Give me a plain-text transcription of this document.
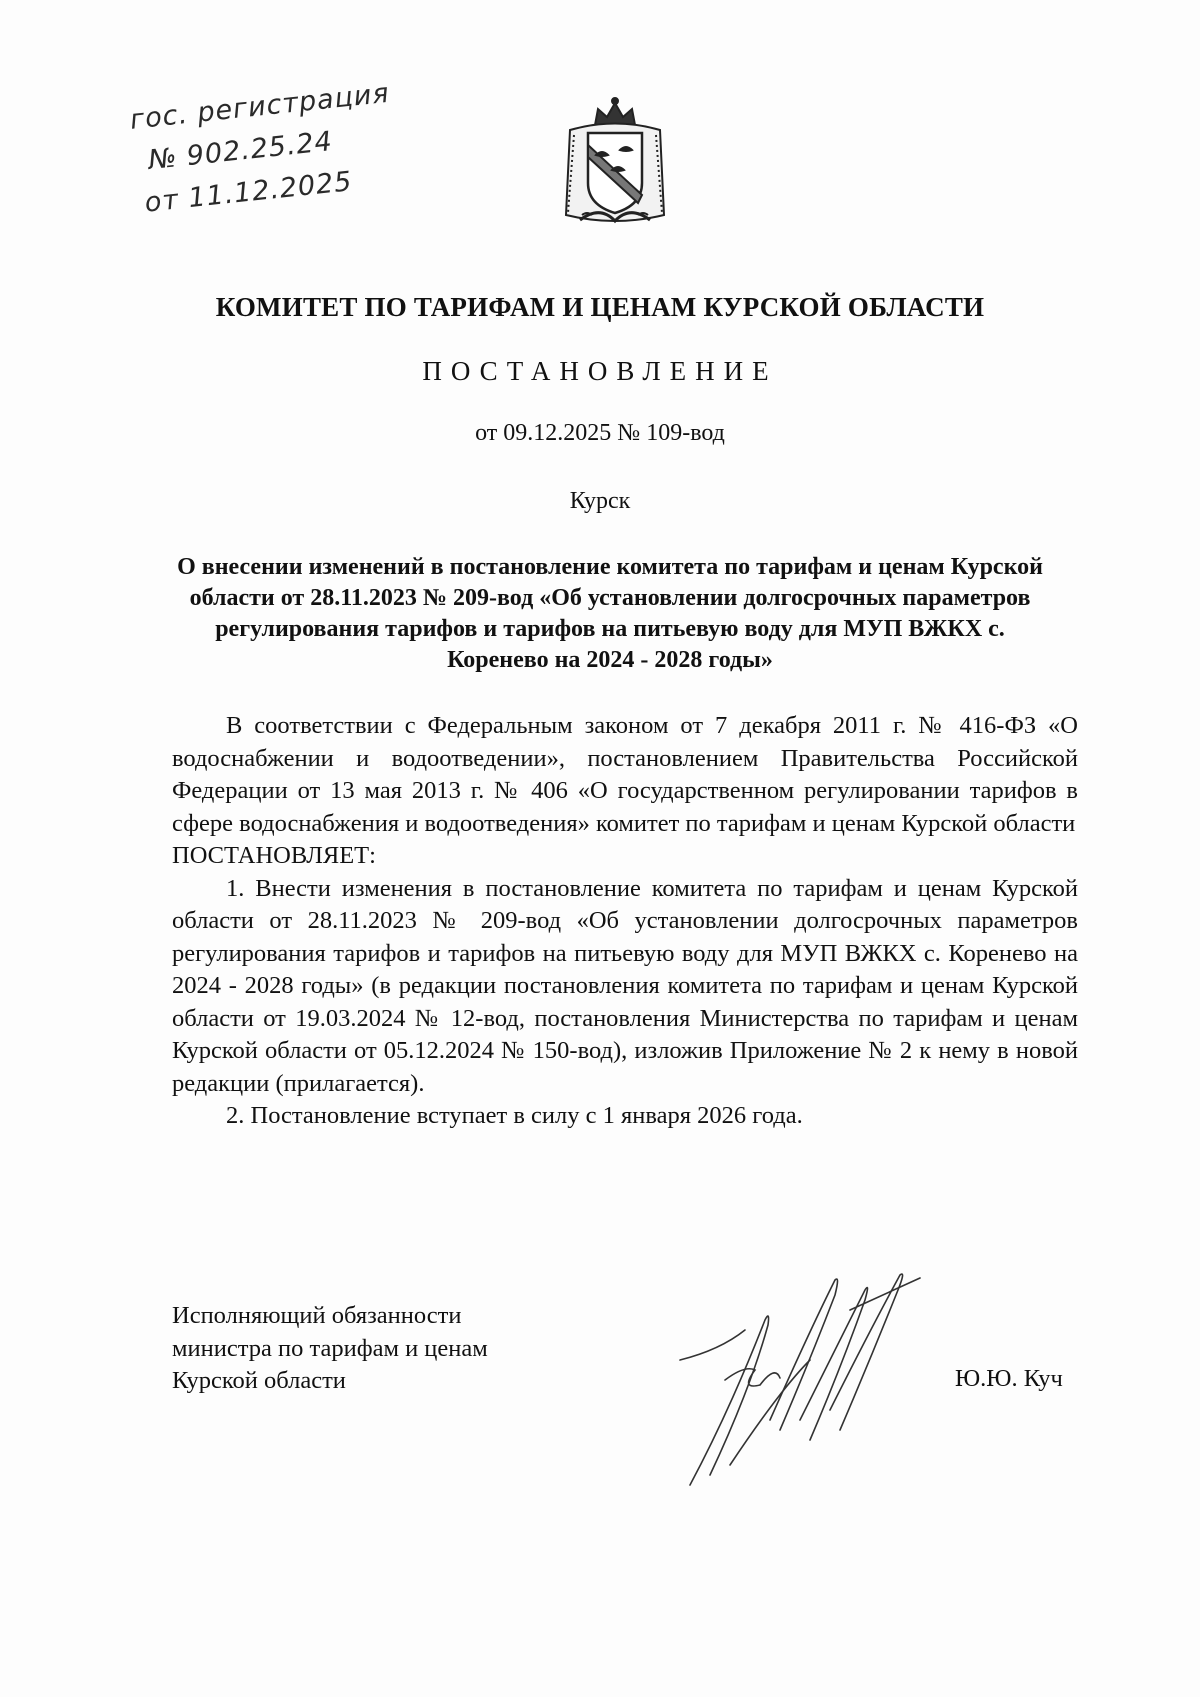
гос. регистрация
№ 902.25.24
от 11.12.2025
КОМИТЕТ ПО ТАРИФАМ И ЦЕНАМ КУРСКОЙ ОБЛАСТИ
ПОСТАНОВЛЕНИЕ
от 09.12.2025 № 109-вод
Курск
О внесении изменений в постановление комитета по тарифам и ценам Курской области от 28.11.2023 № 209-вод «Об установлении долгосрочных параметров регулирования тарифов и тарифов на питьевую воду для МУП ВЖКХ с. Коренево на 2024 - 2028 годы»

В соответствии с Федеральным законом от 7 декабря 2011 г. № 416-ФЗ «О водоснабжении и водоотведении», постановлением Правительства Российской Федерации от 13 мая 2013 г. № 406 «О государственном регулировании тарифов в сфере водоснабжения и водоотведения» комитет по тарифам и ценам Курской области

ПОСТАНОВЛЯЕТ:

1. Внести изменения в постановление комитета по тарифам и ценам Курской области от 28.11.2023 № 209-вод «Об установлении долгосрочных параметров регулирования тарифов и тарифов на питьевую воду для МУП ВЖКХ с. Коренево на 2024 - 2028 годы» (в редакции постановления комитета по тарифам и ценам Курской области от 19.03.2024 № 12-вод, постановления Министерства по тарифам и ценам Курской области от 05.12.2024 № 150-вод), изложив Приложение № 2 к нему в новой редакции (прилагается).

2. Постановление вступает в силу с 1 января 2026 года.

Исполняющий обязанности
министра по тарифам и ценам
Курской области	Ю.Ю. Куч
